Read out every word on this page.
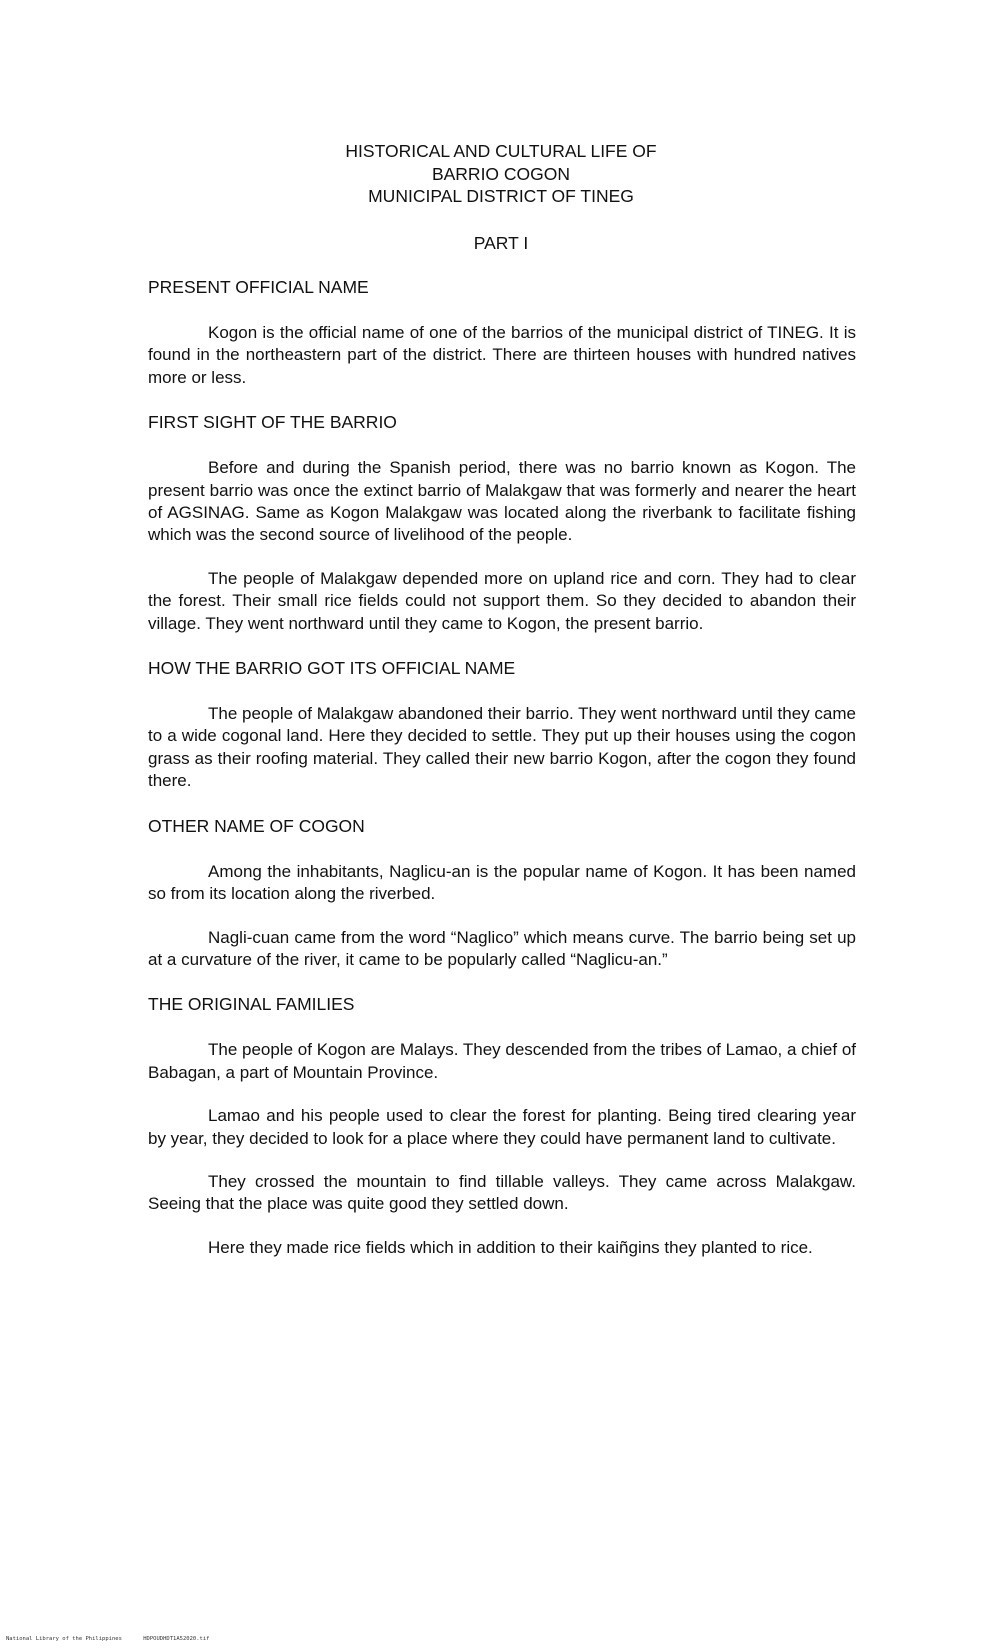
HISTORICAL AND CULTURAL LIFE OF
BARRIO COGON
MUNICIPAL DISTRICT OF TINEG
PART I
PRESENT OFFICIAL NAME

Kogon is the official name of one of the barrios of the municipal district of TINEG. It is found in the northeastern part of the district. There are thirteen houses with hundred natives more or less.

FIRST SIGHT OF THE BARRIO

Before and during the Spanish period, there was no barrio known as Kogon. The present barrio was once the extinct barrio of Malakgaw that was formerly and nearer the heart of AGSINAG. Same as Kogon Malakgaw was located along the riverbank to facilitate fishing which was the second source of livelihood of the people.

The people of Malakgaw depended more on upland rice and corn. They had to clear the forest. Their small rice fields could not support them. So they decided to abandon their village. They went northward until they came to Kogon, the present barrio.

HOW THE BARRIO GOT ITS OFFICIAL NAME

The people of Malakgaw abandoned their barrio. They went northward until they came to a wide cogonal land. Here they decided to settle. They put up their houses using the cogon grass as their roofing material. They called their new barrio Kogon, after the cogon they found there.

OTHER NAME OF COGON

Among the inhabitants, Naglicu-an is the popular name of Kogon. It has been named so from its location along the riverbed.

Nagli-cuan came from the word “Naglico” which means curve. The barrio being set up at a curvature of the river, it came to be popularly called “Naglicu-an.”

THE ORIGINAL FAMILIES

The people of Kogon are Malays. They descended from the tribes of Lamao, a chief of Babagan, a part of Mountain Province.

Lamao and his people used to clear the forest for planting. Being tired clearing year by year, they decided to look for a place where they could have permanent land to cultivate.

They crossed the mountain to find tillable valleys. They came across Malakgaw. Seeing that the place was quite good they settled down.

Here they made rice fields which in addition to their kaiñgins they planted to rice.

National Library of the Philippines	HDPOUDHDT1A52020.tif
